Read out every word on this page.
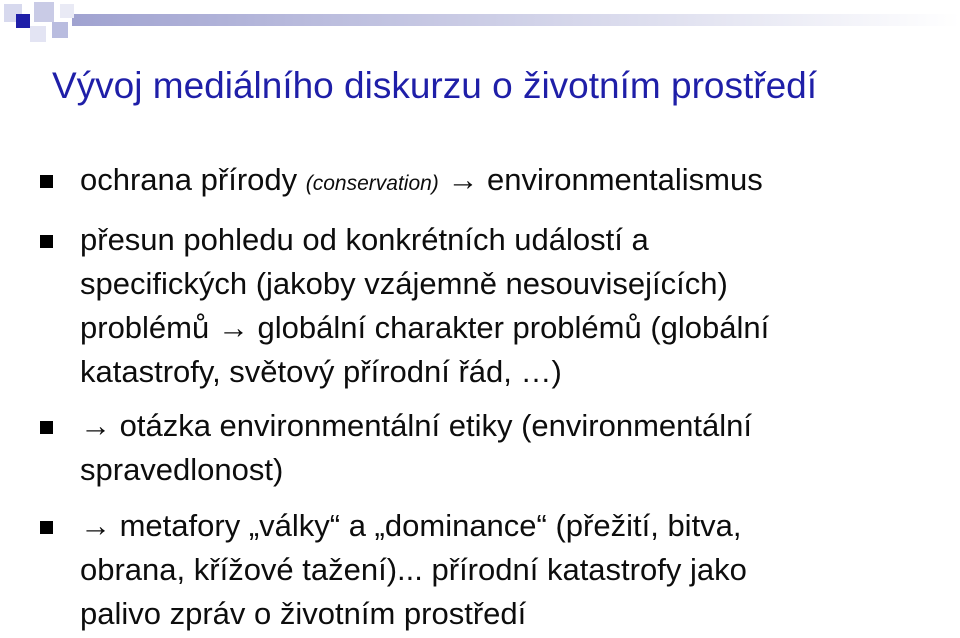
Vývoj mediálního diskurzu o životním prostředí
ochrana přírody (conservation) → environmentalismus
přesun pohledu od konkrétních událostí a
specifických (jakoby vzájemně nesouvisejících)
problémů → globální charakter problémů (globální
katastrofy, světový přírodní řád, …)
→ otázka environmentální etiky (environmentální
spravedlonost)
→ metafory „války“ a „dominance“ (přežití, bitva,
obrana, křížové tažení)... přírodní katastrofy jako
palivo zpráv o životním prostředí
